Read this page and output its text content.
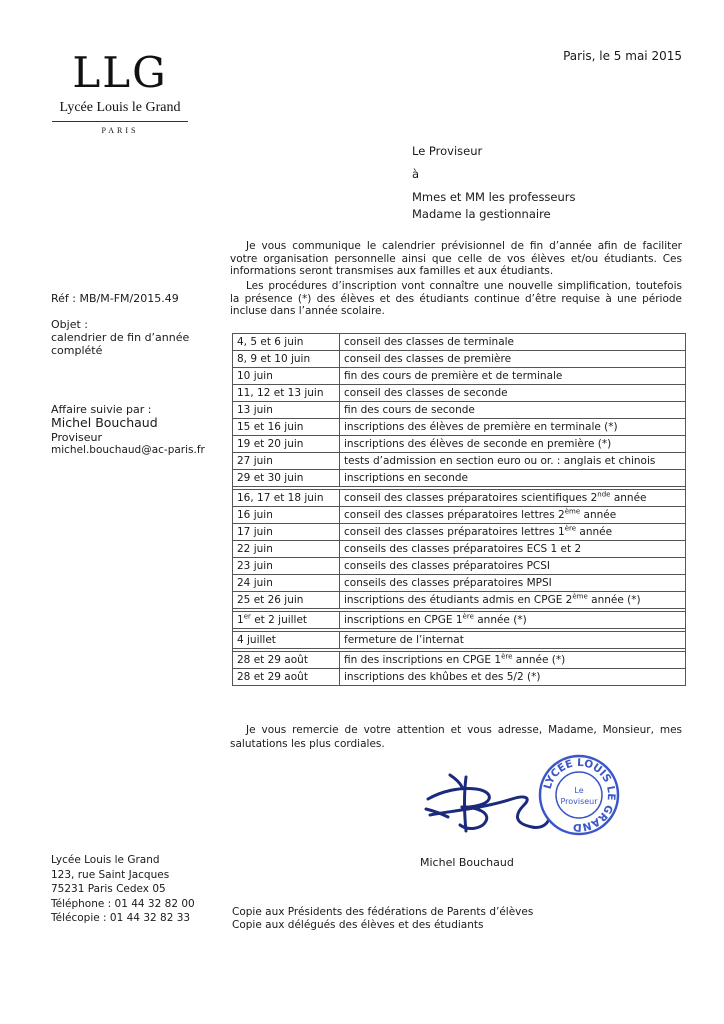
LLG
Lycée Louis le Grand
PARIS
Paris, le 5 mai 2015
Le Proviseur
à
Mmes et MM les professeurs
Madame la gestionnaire
Je vous communique le calendrier prévisionnel de fin d’année afin de faciliter votre organisation personnelle ainsi que celle de vos élèves et/ou étudiants. Ces informations seront transmises aux familles et aux étudiants.
Les procédures d’inscription vont connaître une nouvelle simplification, toutefois la présence (*) des élèves et des étudiants continue d’être requise à une période incluse dans l’année scolaire.
Réf : MB/M-FM/2015.49
Objet :
calendrier de fin d’année
complété
Affaire suivie par :
Michel Bouchaud
Proviseur
michel.bouchaud@ac-paris.fr
4, 5 et 6 juin	conseil des classes de terminale
8, 9 et 10 juin	conseil des classes de première
10 juin	fin des cours de première et de terminale
11, 12 et 13 juin	conseil des classes de seconde
13 juin	fin des cours de seconde
15 et 16 juin	inscriptions des élèves de première en terminale (*)
19 et 20 juin	inscriptions des élèves de seconde en première (*)
27 juin	tests d’admission en section euro ou or. : anglais et chinois
29 et 30 juin	inscriptions en seconde

16, 17 et 18 juin	conseil des classes préparatoires scientifiques 2nde année
16 juin	conseil des classes préparatoires lettres 2ème année
17 juin	conseil des classes préparatoires lettres 1ère année
22 juin	conseils des classes préparatoires ECS 1 et 2
23 juin	conseils des classes préparatoires PCSI
24 juin	conseils des classes préparatoires MPSI
25 et 26 juin	inscriptions des étudiants admis en CPGE 2ème année (*)

1er et 2 juillet	inscriptions en CPGE 1ère année (*)

4 juillet	fermeture de l’internat

28 et 29 août	fin des inscriptions en CPGE 1ère année (*)
28 et 29 août	inscriptions des khûbes et des 5/2 (*)
Je vous remercie de votre attention et vous adresse, Madame, Monsieur, mes salutations les plus cordiales.
LYCÉE LOUIS LE GRAND
Le
Proviseur
Michel Bouchaud
Lycée Louis le Grand
123, rue Saint Jacques
75231 Paris Cedex 05
Téléphone : 01 44 32 82 00
Télécopie : 01 44 32 82 33	Copie aux Présidents des fédérations de Parents d’élèves
Copie aux délégués des élèves et des étudiants
